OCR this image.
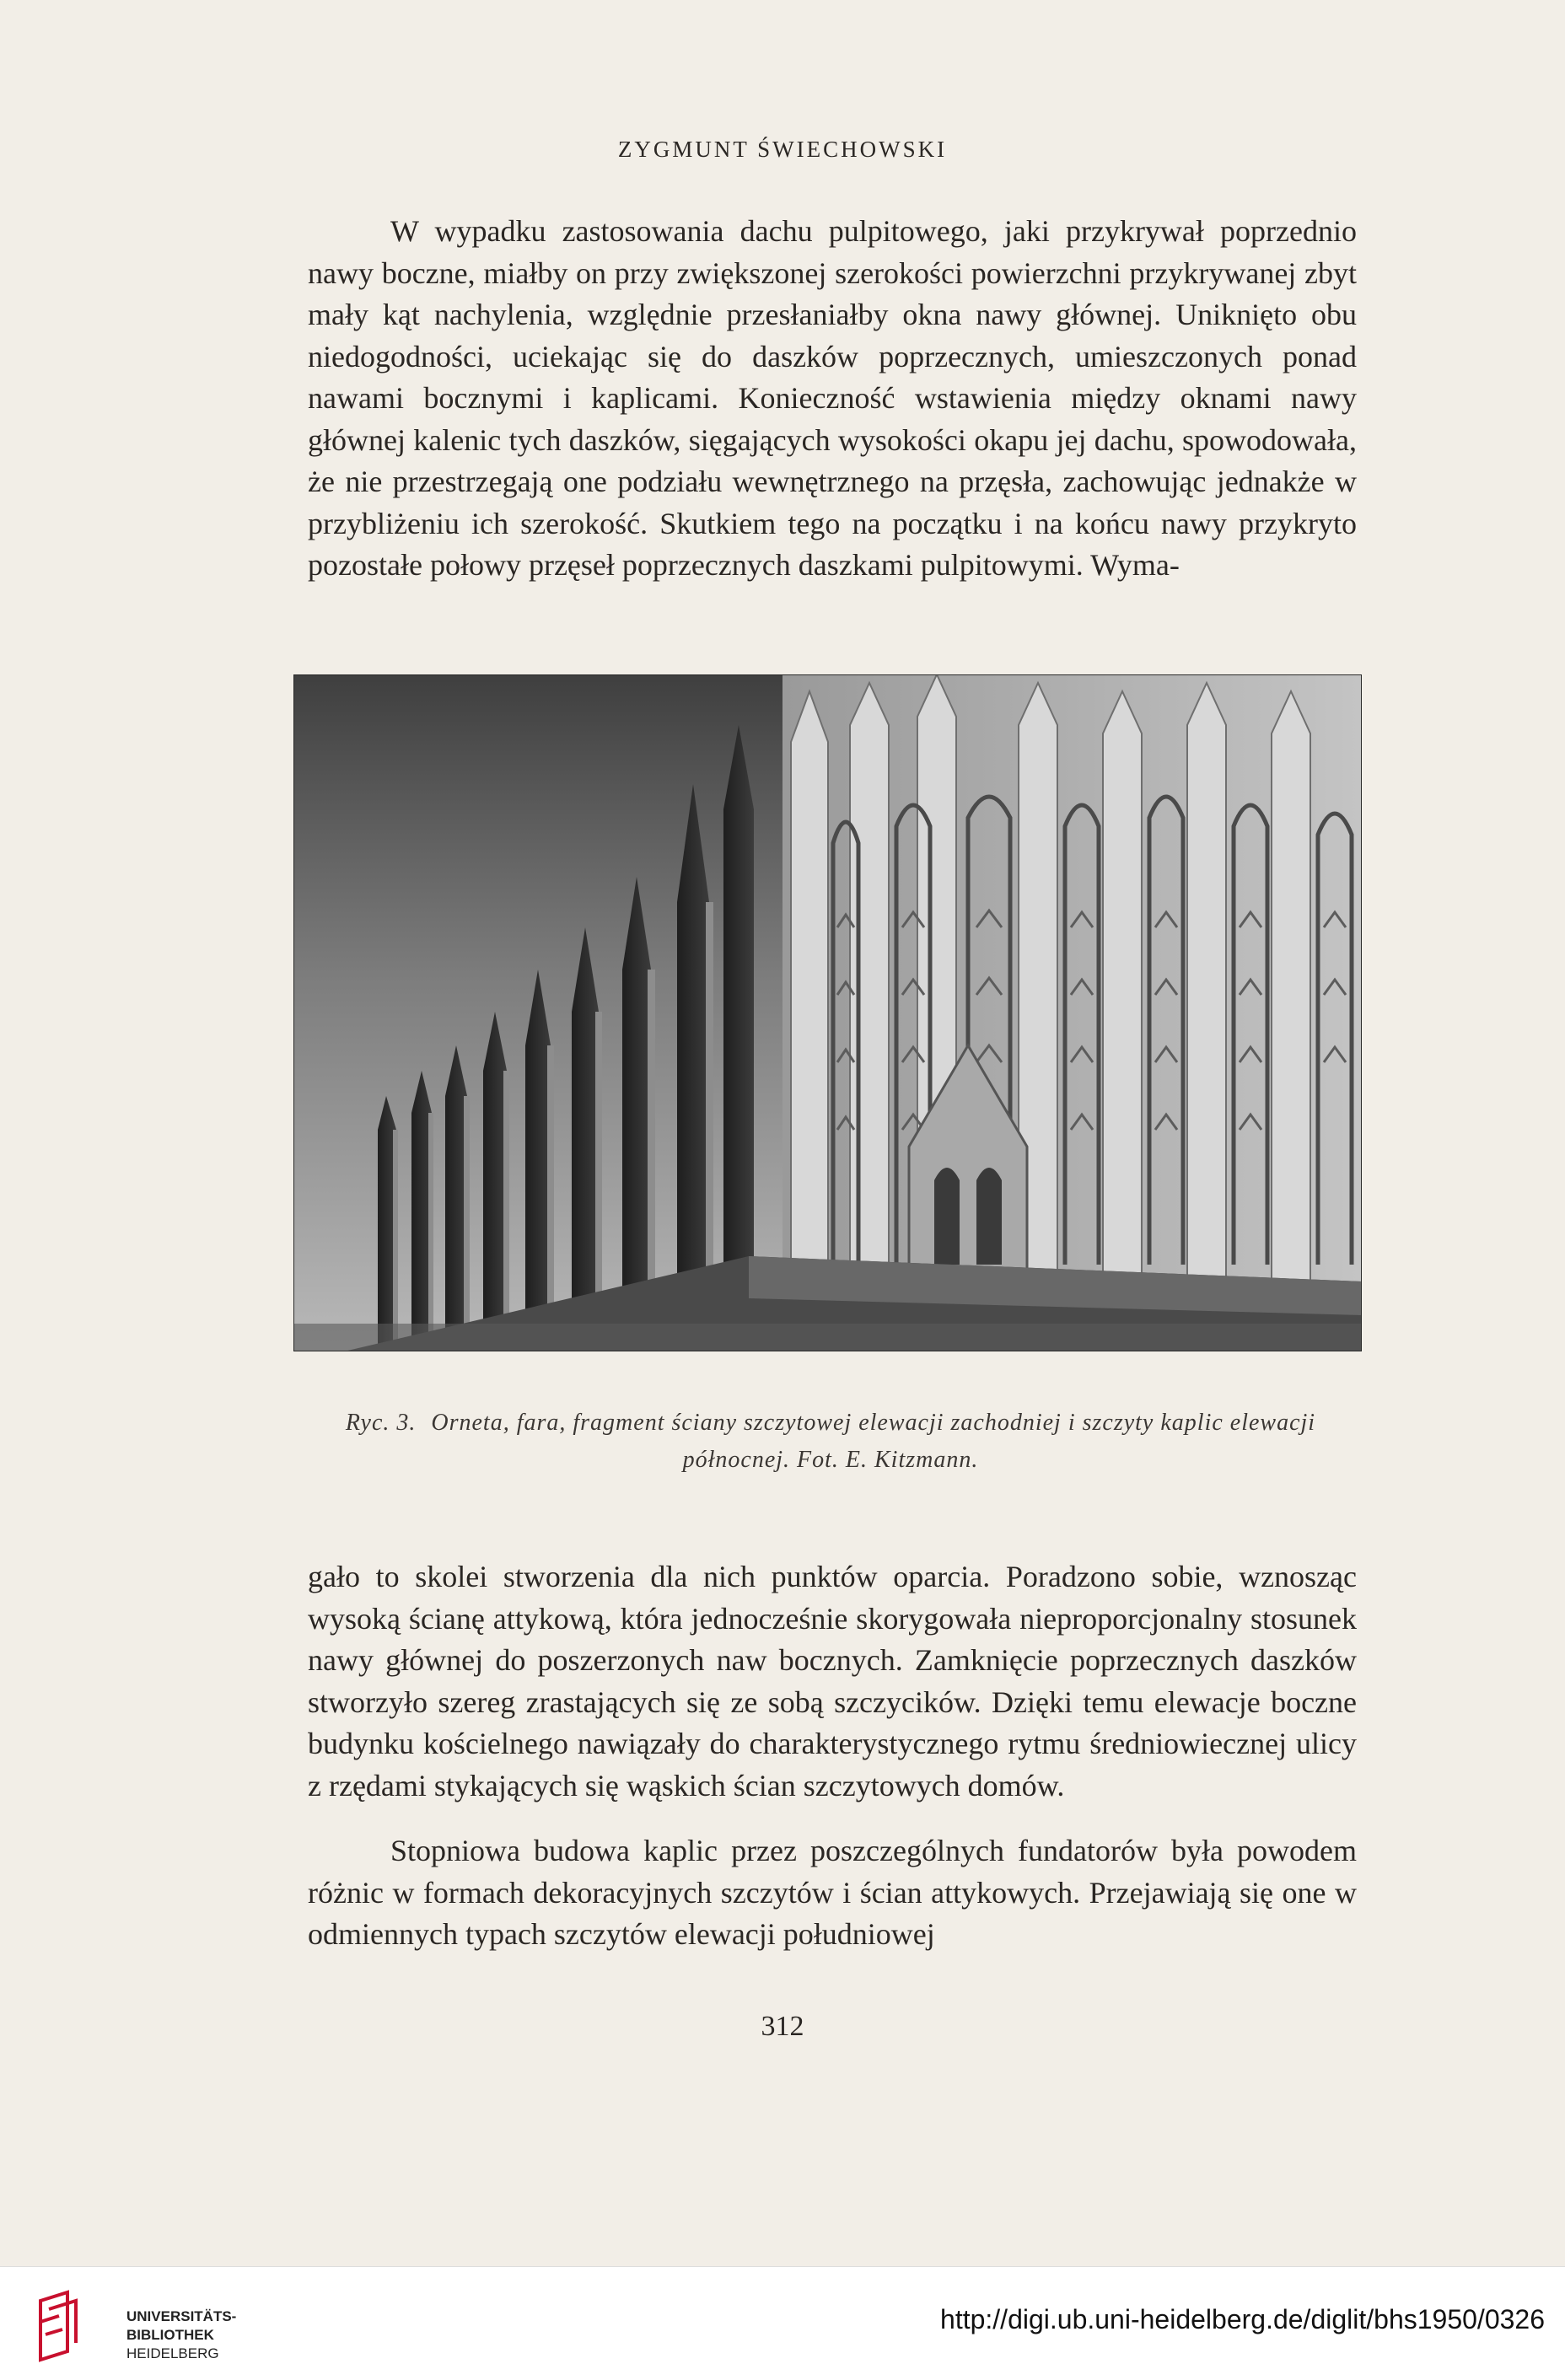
ZYGMUNT ŚWIECHOWSKI

W wypadku zastosowania dachu pulpitowego, jaki przykrywał poprzednio nawy boczne, miałby on przy zwiększonej szerokości powierzchni przykrywanej zbyt mały kąt nachylenia, względnie przesłaniałby okna nawy głównej. Uniknięto obu niedogodności, uciekając się do daszków poprzecznych, umieszczonych ponad nawami bocznymi i kaplicami. Konieczność wstawienia między oknami nawy głównej kalenic tych daszków, sięgających wysokości okapu jej dachu, spowodowała, że nie przestrzegają one podziału wewnętrznego na przęsła, zachowując jednakże w przybliżeniu ich szerokość. Skutkiem tego na początku i na końcu nawy przykryto pozostałe połowy przęseł poprzecznych daszkami pulpitowymi. Wyma-

Ryc. 3. Orneta, fara, fragment ściany szczytowej elewacji zachodniej i szczyty kaplic elewacji północnej. Fot. E. Kitzmann.

gało to skolei stworzenia dla nich punktów oparcia. Poradzono sobie, wznosząc wysoką ścianę attykową, która jednocześnie skorygowała nieproporcjonalny stosunek nawy głównej do poszerzonych naw bocznych. Zamknięcie poprzecznych daszków stworzyło szereg zrastających się ze sobą szczycików. Dzięki temu elewacje boczne budynku kościelnego nawiązały do charakterystycznego rytmu średniowiecznej ulicy z rzędami stykających się wąskich ścian szczytowych domów.

Stopniowa budowa kaplic przez poszczególnych fundatorów była powodem różnic w formach dekoracyjnych szczytów i ścian attykowych. Przejawiają się one w odmiennych typach szczytów elewacji południowej

312
UNIVERSITÄTS-
BIBLIOTHEK
HEIDELBERG
http://digi.ub.uni-heidelberg.de/diglit/bhs1950/0326
